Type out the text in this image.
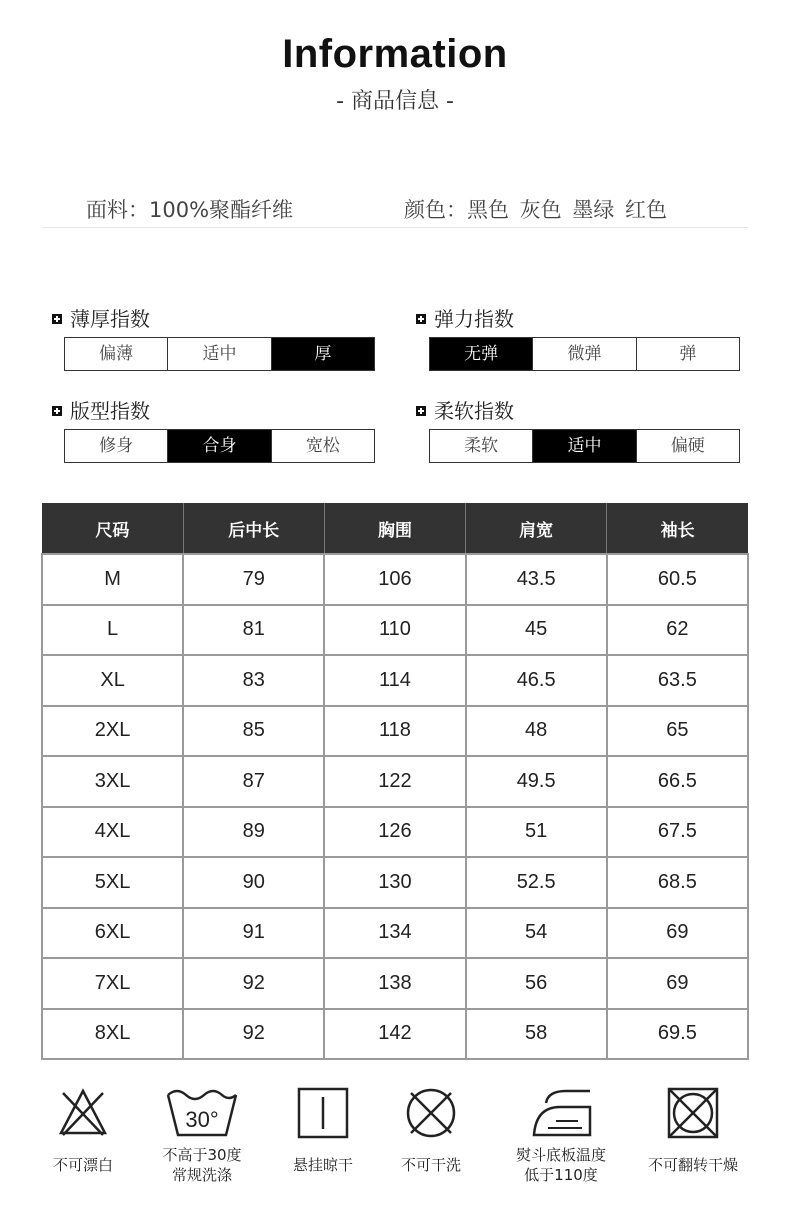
Information
- 商品信息 -
面料：100%聚酯纤维	颜色：黑色 灰色 墨绿 红色
薄厚指数
偏薄	适中	厚
弹力指数
无弹	微弹	弹
版型指数
修身	合身	宽松
柔软指数
柔软	适中	偏硬
尺码	后中长	胸围	肩宽	袖长
M	79	106	43.5	60.5
L	81	110	45	62
XL	83	114	46.5	63.5
2XL	85	118	48	65
3XL	87	122	49.5	66.5
4XL	89	126	51	67.5
5XL	90	130	52.5	68.5
6XL	91	134	54	69
7XL	92	138	56	69
8XL	92	142	58	69.5
不可漂白
30°
不高于30度
常规洗涤
悬挂晾干	不可干洗
熨斗底板温度
低于110度
不可翻转干燥
